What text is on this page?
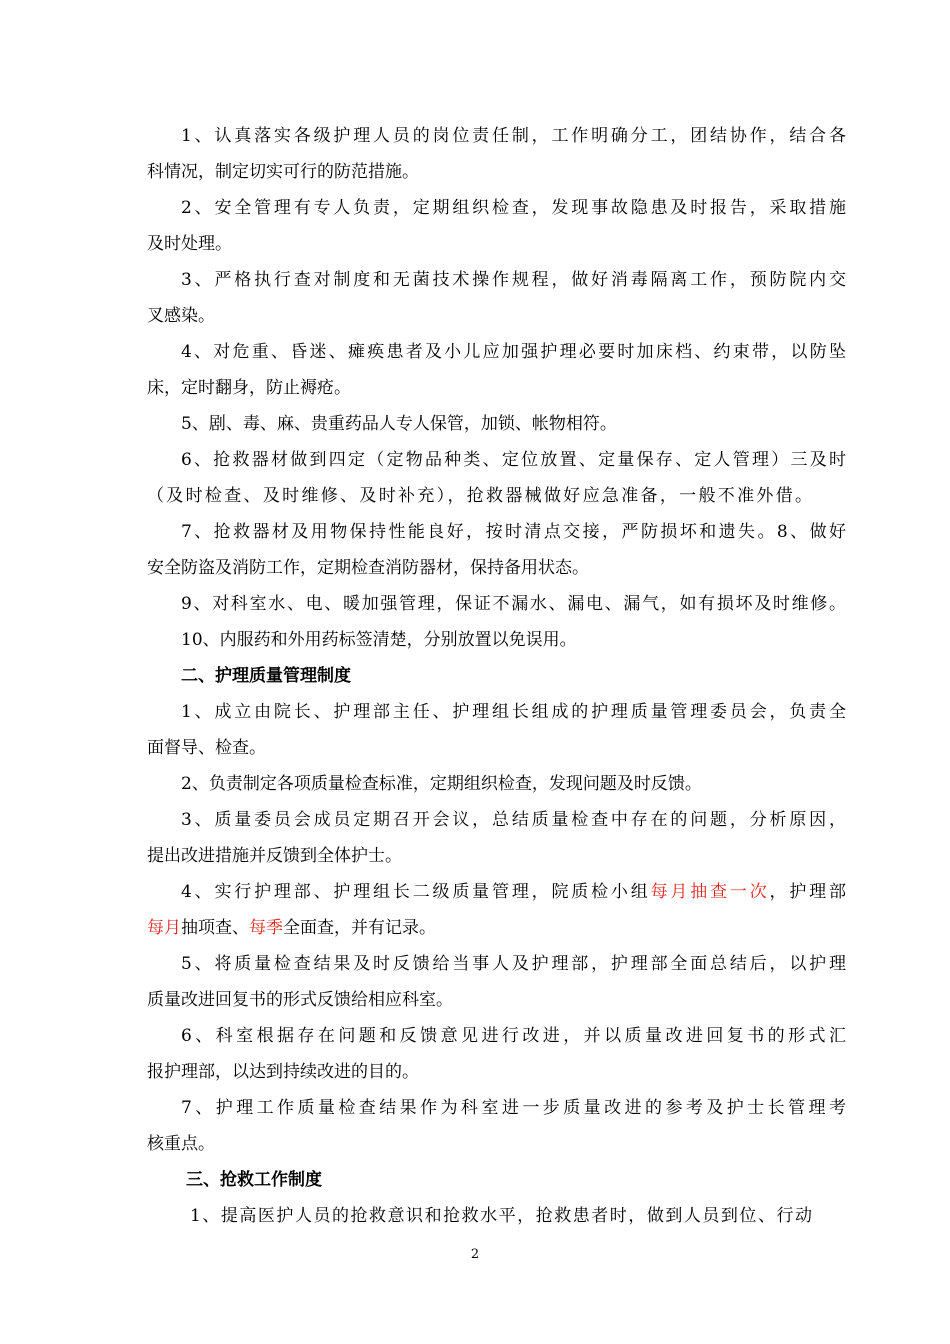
1、认真落实各级护理人员的岗位责任制，工作明确分工，团结协作，结合各
科情况，制定切实可行的防范措施。
2、安全管理有专人负责，定期组织检查，发现事故隐患及时报告，采取措施
及时处理。
3、严格执行查对制度和无菌技术操作规程，做好消毒隔离工作，预防院内交
叉感染。
4、对危重、昏迷、瘫痪患者及小儿应加强护理必要时加床档、约束带，以防坠
床，定时翻身，防止褥疮。
5、剧、毒、麻、贵重药品人专人保管，加锁、帐物相符。
6、抢救器材做到四定（定物品种类、定位放置、定量保存、定人管理）三及时
（及时检查、及时维修、及时补充），抢救器械做好应急准备，一般不准外借。
7、抢救器材及用物保持性能良好，按时清点交接，严防损坏和遗失。8、做好
安全防盗及消防工作，定期检查消防器材，保持备用状态。
9、对科室水、电、暖加强管理，保证不漏水、漏电、漏气，如有损坏及时维修。
10、内服药和外用药标签清楚，分别放置以免误用。
二、护理质量管理制度
1、成立由院长、护理部主任、护理组长组成的护理质量管理委员会，负责全
面督导、检查。
2、负责制定各项质量检查标准，定期组织检查，发现问题及时反馈。
3、质量委员会成员定期召开会议，总结质量检查中存在的问题，分析原因，
提出改进措施并反馈到全体护士。
4、实行护理部、护理组长二级质量管理，院质检小组每月抽查一次，护理部
每月抽项查、每季全面查，并有记录。
5、将质量检查结果及时反馈给当事人及护理部，护理部全面总结后，以护理
质量改进回复书的形式反馈给相应科室。
6、科室根据存在问题和反馈意见进行改进，并以质量改进回复书的形式汇
报护理部，以达到持续改进的目的。
7、护理工作质量检查结果作为科室进一步质量改进的参考及护士长管理考
核重点。
三、抢救工作制度
1、提高医护人员的抢救意识和抢救水平，抢救患者时，做到人员到位、行动
2
